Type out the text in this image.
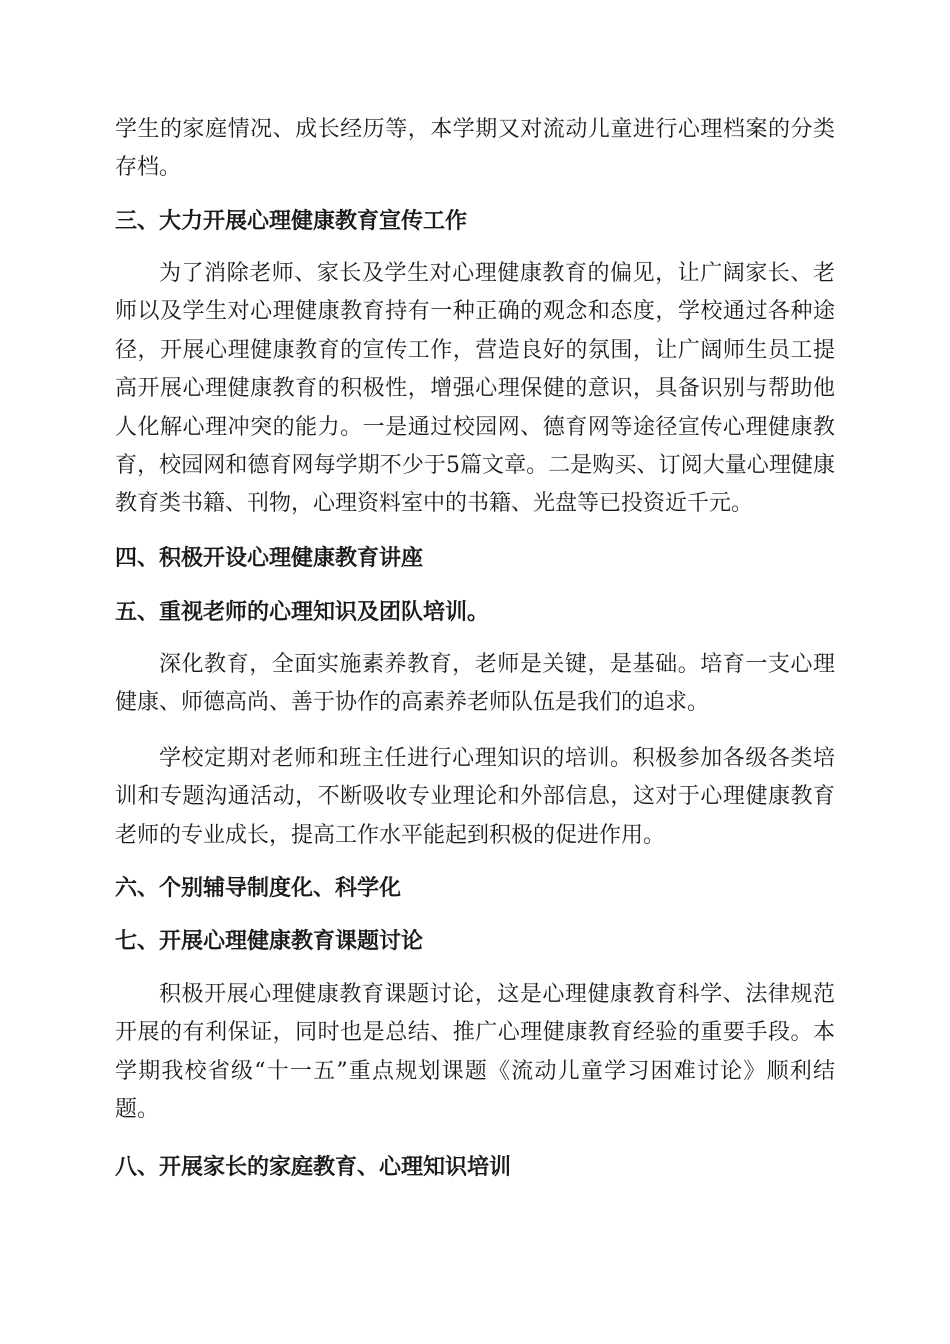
学生的家庭情况、成长经历等，本学期又对流动儿童进行心理档案的分类存档。

三、大力开展心理健康教育宣传工作

为了消除老师、家长及学生对心理健康教育的偏见，让广阔家长、老师以及学生对心理健康教育持有一种正确的观念和态度，学校通过各种途径，开展心理健康教育的宣传工作，营造良好的氛围，让广阔师生员工提高开展心理健康教育的积极性，增强心理保健的意识，具备识别与帮助他人化解心理冲突的能力。一是通过校园网、德育网等途径宣传心理健康教育，校园网和德育网每学期不少于5篇文章。二是购买、订阅大量心理健康教育类书籍、刊物，心理资料室中的书籍、光盘等已投资近千元。

四、积极开设心理健康教育讲座
五、重视老师的心理知识及团队培训。

深化教育，全面实施素养教育，老师是关键，是基础。培育一支心理健康、师德高尚、善于协作的高素养老师队伍是我们的追求。

学校定期对老师和班主任进行心理知识的培训。积极参加各级各类培训和专题沟通活动，不断吸收专业理论和外部信息，这对于心理健康教育老师的专业成长，提高工作水平能起到积极的促进作用。

六、个别辅导制度化、科学化
七、开展心理健康教育课题讨论

积极开展心理健康教育课题讨论，这是心理健康教育科学、法律规范开展的有利保证，同时也是总结、推广心理健康教育经验的重要手段。本学期我校省级“十一五”重点规划课题《流动儿童学习困难讨论》顺利结题。

八、开展家长的家庭教育、心理知识培训
